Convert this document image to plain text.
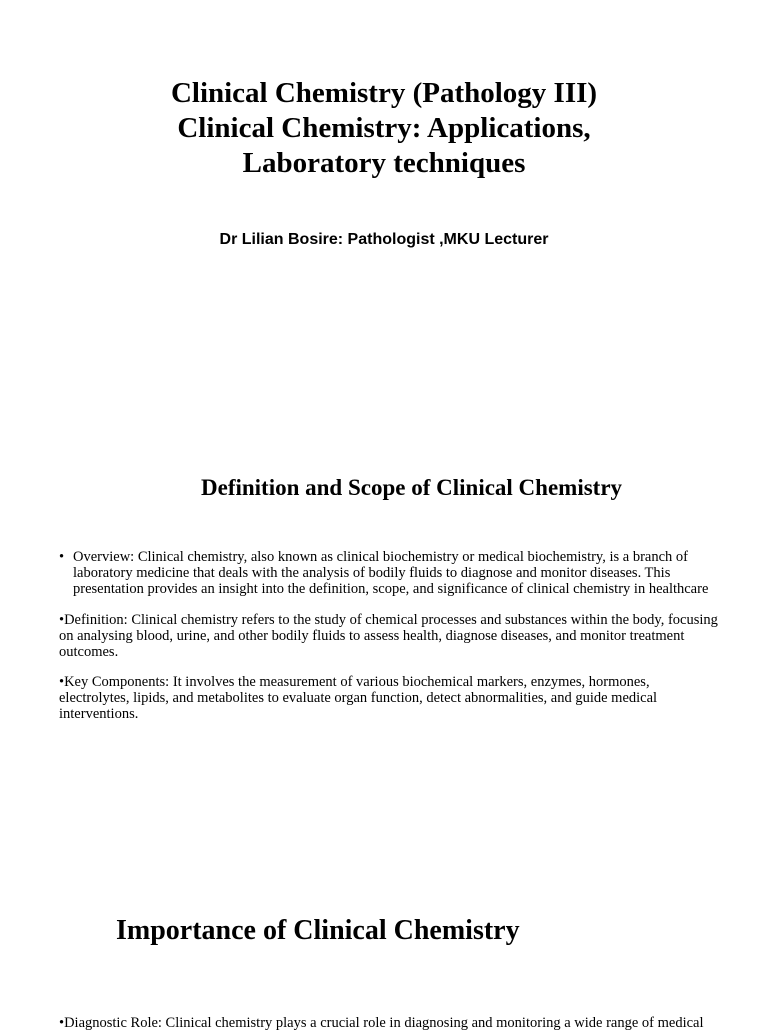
Clinical Chemistry (Pathology III)
Clinical Chemistry: Applications,
Laboratory techniques
Dr Lilian Bosire: Pathologist ,MKU Lecturer
Definition and Scope of Clinical Chemistry
• Overview: Clinical chemistry, also known as clinical biochemistry or medical biochemistry, is a branch of laboratory medicine that deals with the analysis of bodily fluids to diagnose and monitor diseases. This presentation provides an insight into the definition, scope, and significance of clinical chemistry in healthcare
•Definition: Clinical chemistry refers to the study of chemical processes and substances within the body, focusing on analysing blood, urine, and other bodily fluids to assess health, diagnose diseases, and monitor treatment outcomes.
•Key Components: It involves the measurement of various biochemical markers, enzymes, hormones, electrolytes, lipids, and metabolites to evaluate organ function, detect abnormalities, and guide medical interventions.
Importance of Clinical Chemistry
•Diagnostic Role: Clinical chemistry plays a crucial role in diagnosing and monitoring a wide range of medical
